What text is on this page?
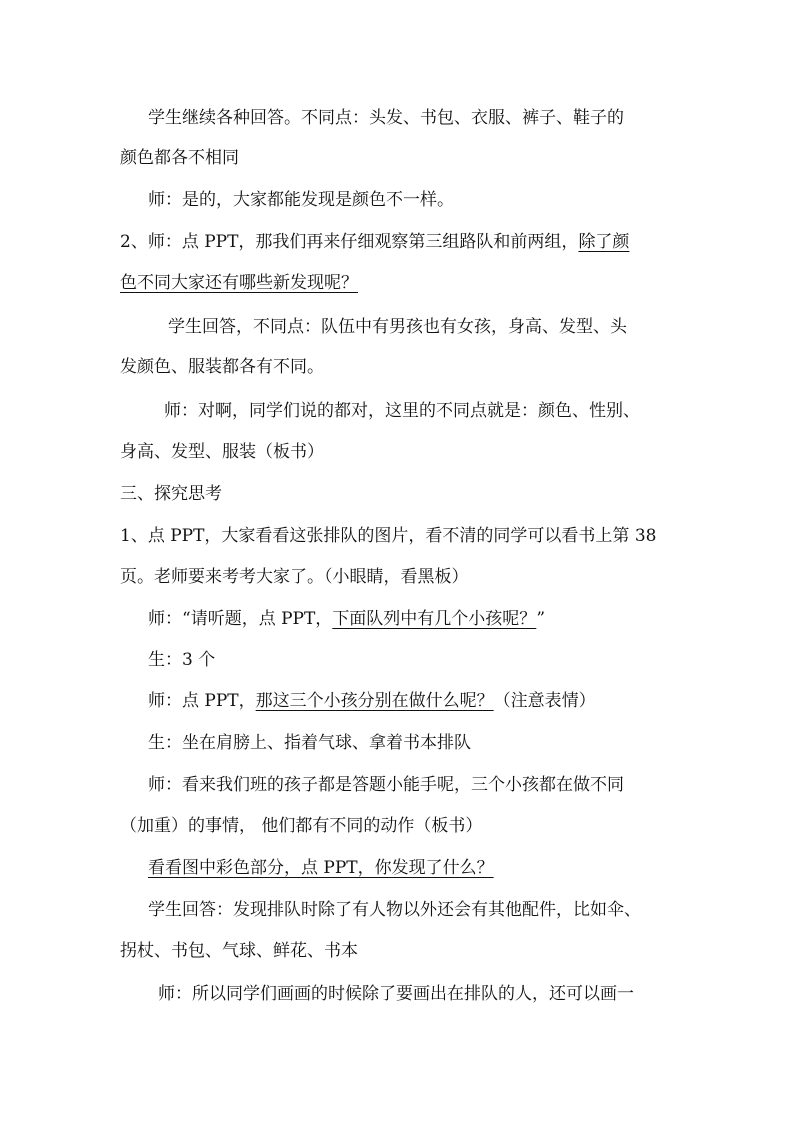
学生继续各种回答。不同点：头发、书包、衣服、裤子、鞋子的
颜色都各不相同
师：是的，大家都能发现是颜色不一样。
2、师：点 PPT，那我们再来仔细观察第三组路队和前两组，除了颜
色不同大家还有哪些新发现呢？
学生回答，不同点：队伍中有男孩也有女孩，身高、发型、头
发颜色、服装都各有不同。
师：对啊，同学们说的都对，这里的不同点就是：颜色、性别、
身高、发型、服装（板书）
三、探究思考
1、点 PPT，大家看看这张排队的图片，看不清的同学可以看书上第 38
页。老师要来考考大家了。（小眼睛，看黑板）
师：“请听题，点 PPT，下面队列中有几个小孩呢？”
生：3 个
师：点 PPT，那这三个小孩分别在做什么呢？（注意表情）
生：坐在肩膀上、指着气球、拿着书本排队
师：看来我们班的孩子都是答题小能手呢，三个小孩都在做不同
（加重）的事情， 他们都有不同的动作（板书）
看看图中彩色部分，点 PPT，你发现了什么？
学生回答：发现排队时除了有人物以外还会有其他配件，比如伞、
拐杖、书包、气球、鲜花、书本
师：所以同学们画画的时候除了要画出在排队的人，还可以画一
